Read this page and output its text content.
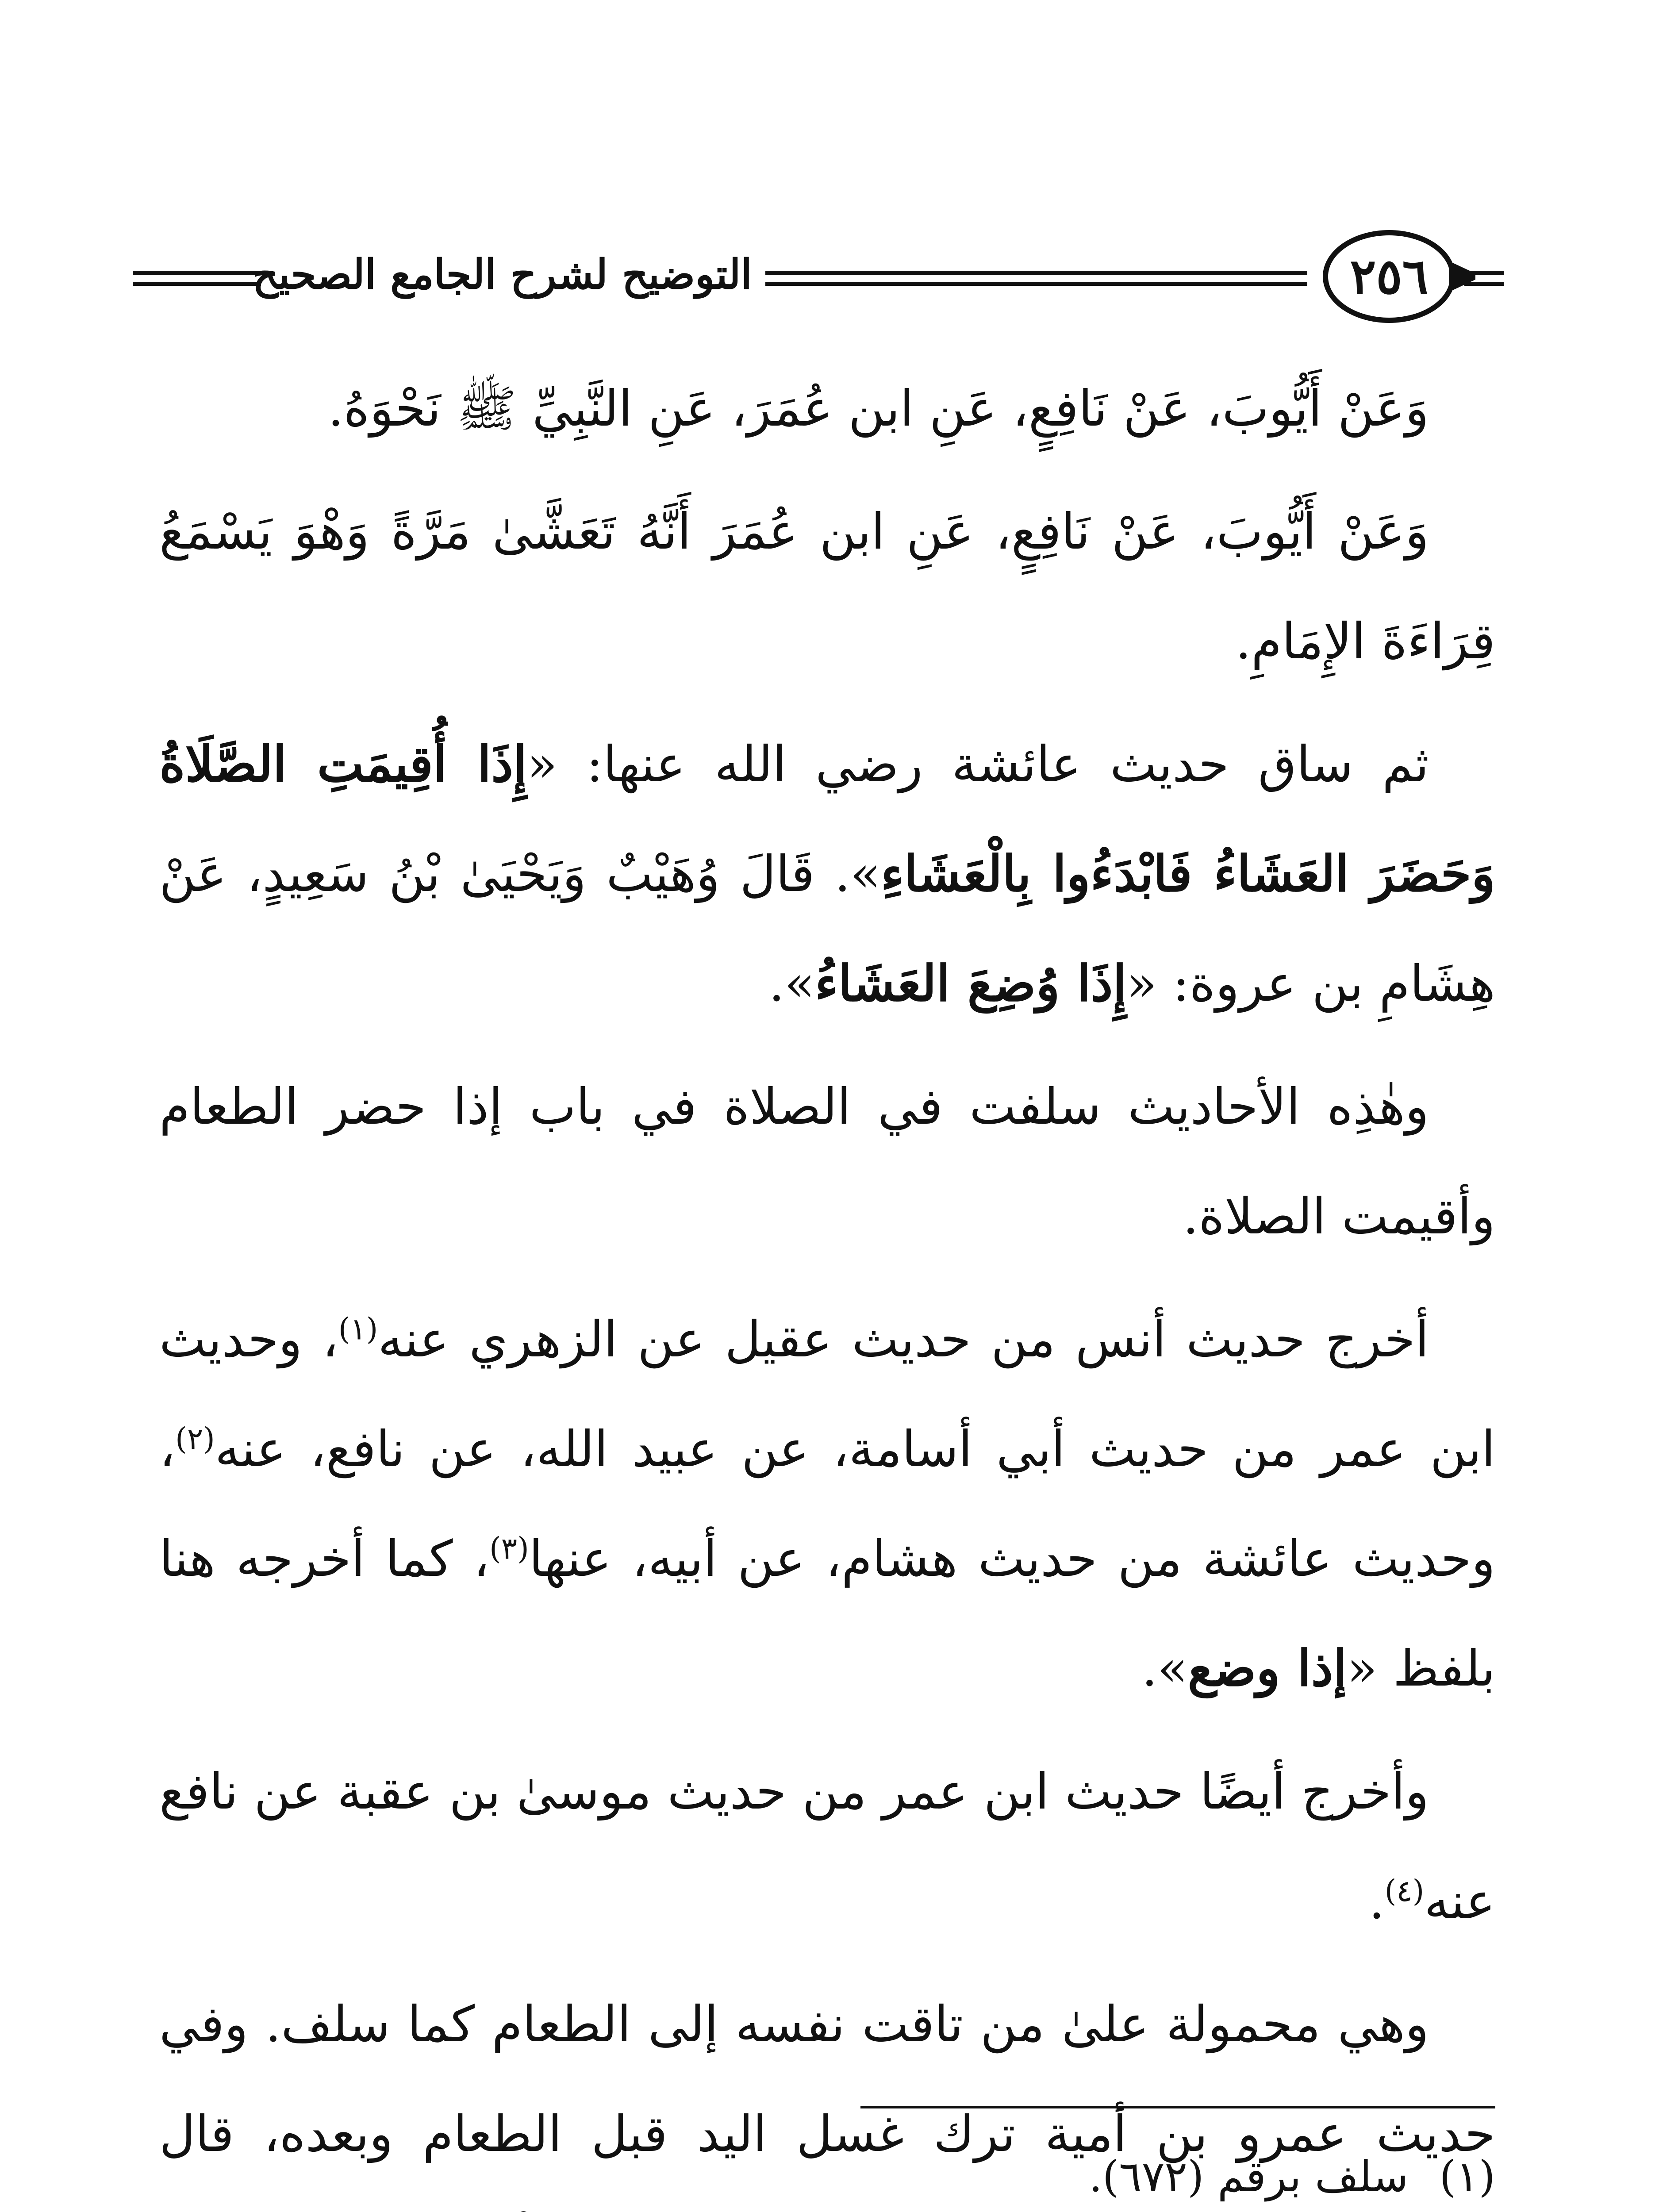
التوضيح لشرح الجامع الصحيح	٢٥٦

وَعَنْ أَيُّوبَ، عَنْ نَافِعٍ، عَنِ ابن عُمَرَ، عَنِ النَّبِيِّ ﷺ نَحْوَهُ.

وَعَنْ أَيُّوبَ، عَنْ نَافِعٍ، عَنِ ابن عُمَرَ أَنَّهُ تَعَشَّىٰ مَرَّةً وَهْوَ يَسْمَعُ قِرَاءَةَ الإِمَامِ.

ثم ساق حديث عائشة رضي الله عنها: «إِذَا أُقِيمَتِ الصَّلَاةُ وَحَضَرَ العَشَاءُ فَابْدَءُوا بِالْعَشَاءِ». قَالَ وُهَيْبٌ وَيَحْيَىٰ بْنُ سَعِيدٍ، عَنْ هِشَامِ بن عروة: «إِذَا وُضِعَ العَشَاءُ».

وهٰذِه الأحاديث سلفت في الصلاة في باب إذا حضر الطعام وأقيمت الصلاة.

أخرج حديث أنس من حديث عقيل عن الزهري عنه$^{(١)}$، وحديث ابن عمر من حديث أبي أسامة، عن عبيد الله، عن نافع، عنه$^{(٢)}$، وحديث عائشة من حديث هشام، عن أبيه، عنها$^{(٣)}$، كما أخرجه هنا بلفظ «إذا وضع».

وأخرج أيضًا حديث ابن عمر من حديث موسىٰ بن عقبة عن نافع عنه$^{(٤)}$.

وهي محمولة علىٰ من تاقت نفسه إلى الطعام كما سلف. وفي حديث عمرو بن أمية ترك غسل اليد قبل الطعام وبعده، قال

(١)
سلف برقم (٦٧٢).
